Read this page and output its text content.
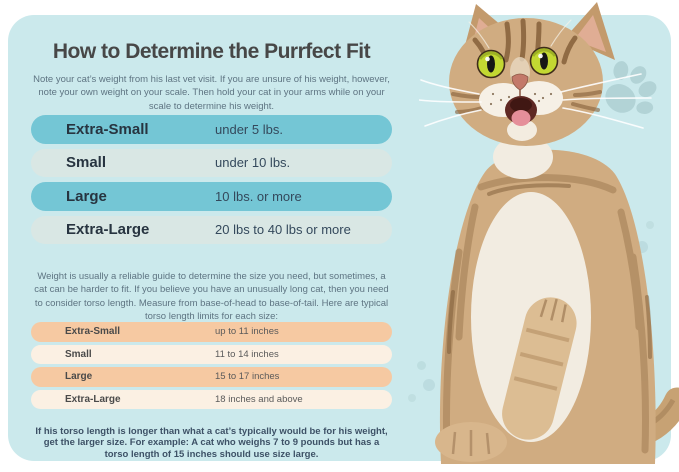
How to Determine the Purrfect Fit

Note your cat’s weight from his last vet visit. If you are unsure of his weight, however, note your own weight on your scale. Then hold your cat in your arms while on your scale to determine his weight.

Extra-Small	under 5 lbs.
Small	under 10 lbs.
Large	10 lbs. or more
Extra-Large	20 lbs to 40 lbs or more

Weight is usually a reliable guide to determine the size you need, but sometimes, a cat can be harder to fit. If you believe you have an unusually long cat, then you need to consider torso length. Measure from base-of-head to base-of-tail. Here are typical torso length limits for each size:

Extra-Small	up to 11 inches
Small	11 to 14 inches
Large	15 to 17 inches
Extra-Large	18 inches and above

If his torso length is longer than what a cat’s typically would be for his weight, get the larger size. For example: A cat who weighs 7 to 9 pounds but has a torso length of 15 inches should use size large.
